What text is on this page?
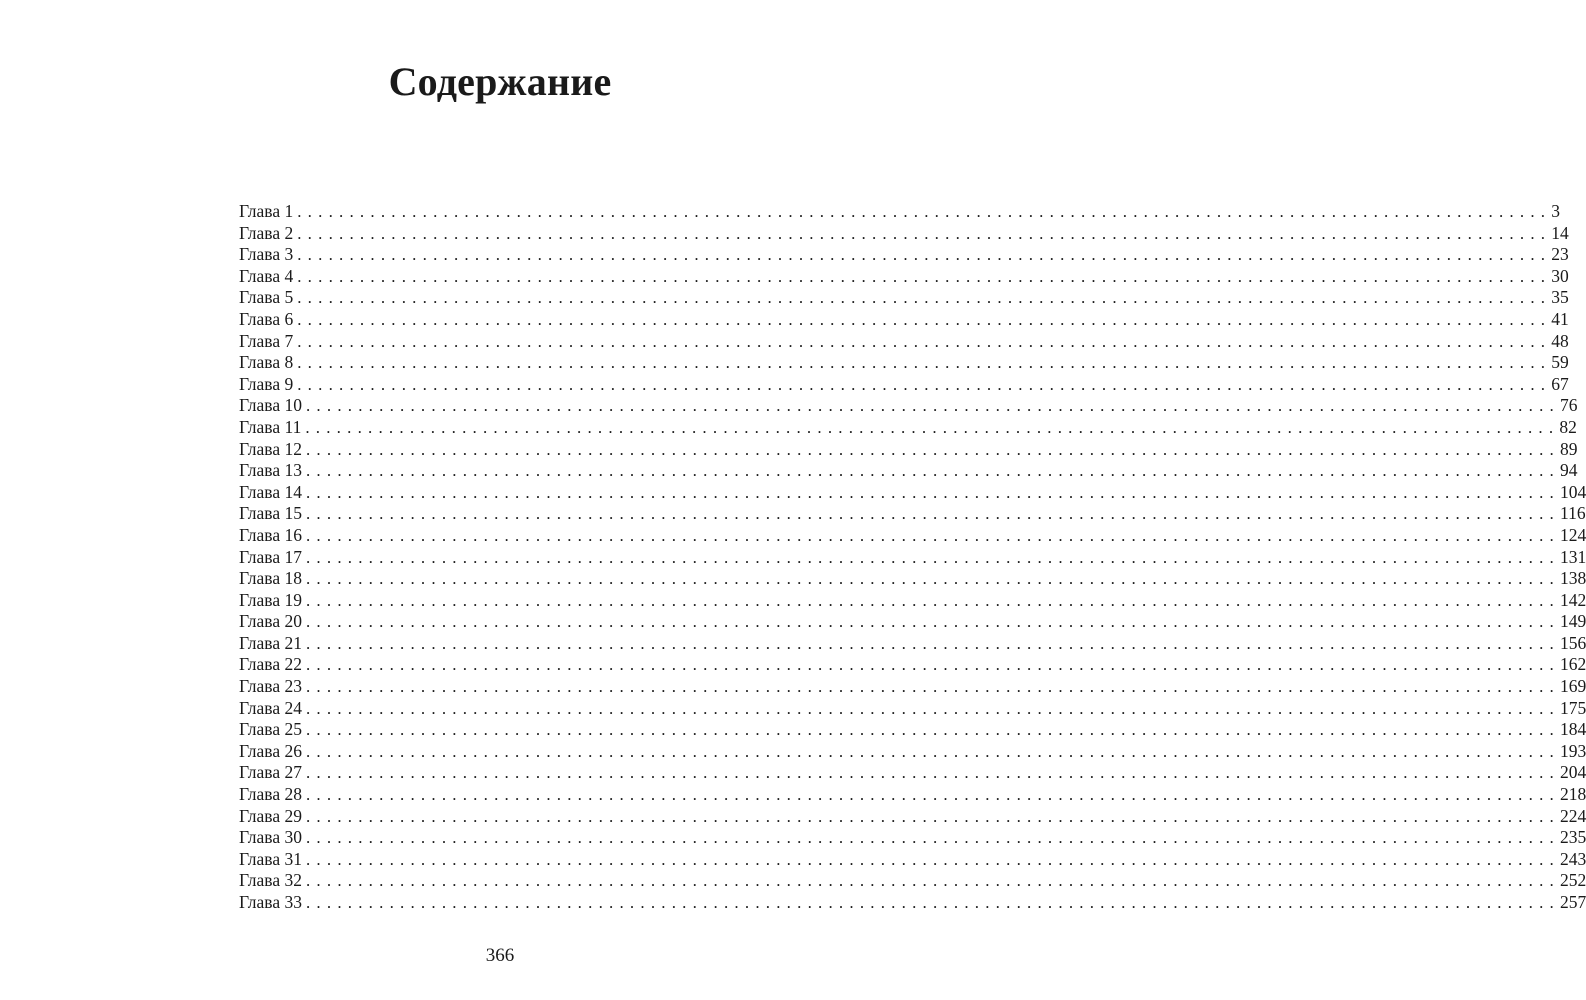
Содержание
Глава 1 ........................................................................................................................ 3
Глава 2 ........................................................................................................................ 14
Глава 3 ........................................................................................................................ 23
Глава 4 ........................................................................................................................ 30
Глава 5 ........................................................................................................................ 35
Глава 6 ........................................................................................................................ 41
Глава 7 ........................................................................................................................ 48
Глава 8 ........................................................................................................................ 59
Глава 9 ........................................................................................................................ 67
Глава 10 ........................................................................................................................ 76
Глава 11 ........................................................................................................................ 82
Глава 12 ........................................................................................................................ 89
Глава 13 ........................................................................................................................ 94
Глава 14 ........................................................................................................................ 104
Глава 15 ........................................................................................................................ 116
Глава 16 ........................................................................................................................ 124
Глава 17 ........................................................................................................................ 131
Глава 18 ........................................................................................................................ 138
Глава 19 ........................................................................................................................ 142
Глава 20 ........................................................................................................................ 149
Глава 21 ........................................................................................................................ 156
Глава 22 ........................................................................................................................ 162
Глава 23 ........................................................................................................................ 169
Глава 24 ........................................................................................................................ 175
Глава 25 ........................................................................................................................ 184
Глава 26 ........................................................................................................................ 193
Глава 27 ........................................................................................................................ 204
Глава 28 ........................................................................................................................ 218
Глава 29 ........................................................................................................................ 224
Глава 30 ........................................................................................................................ 235
Глава 31 ........................................................................................................................ 243
Глава 32 ........................................................................................................................ 252
Глава 33 ........................................................................................................................ 257
366
